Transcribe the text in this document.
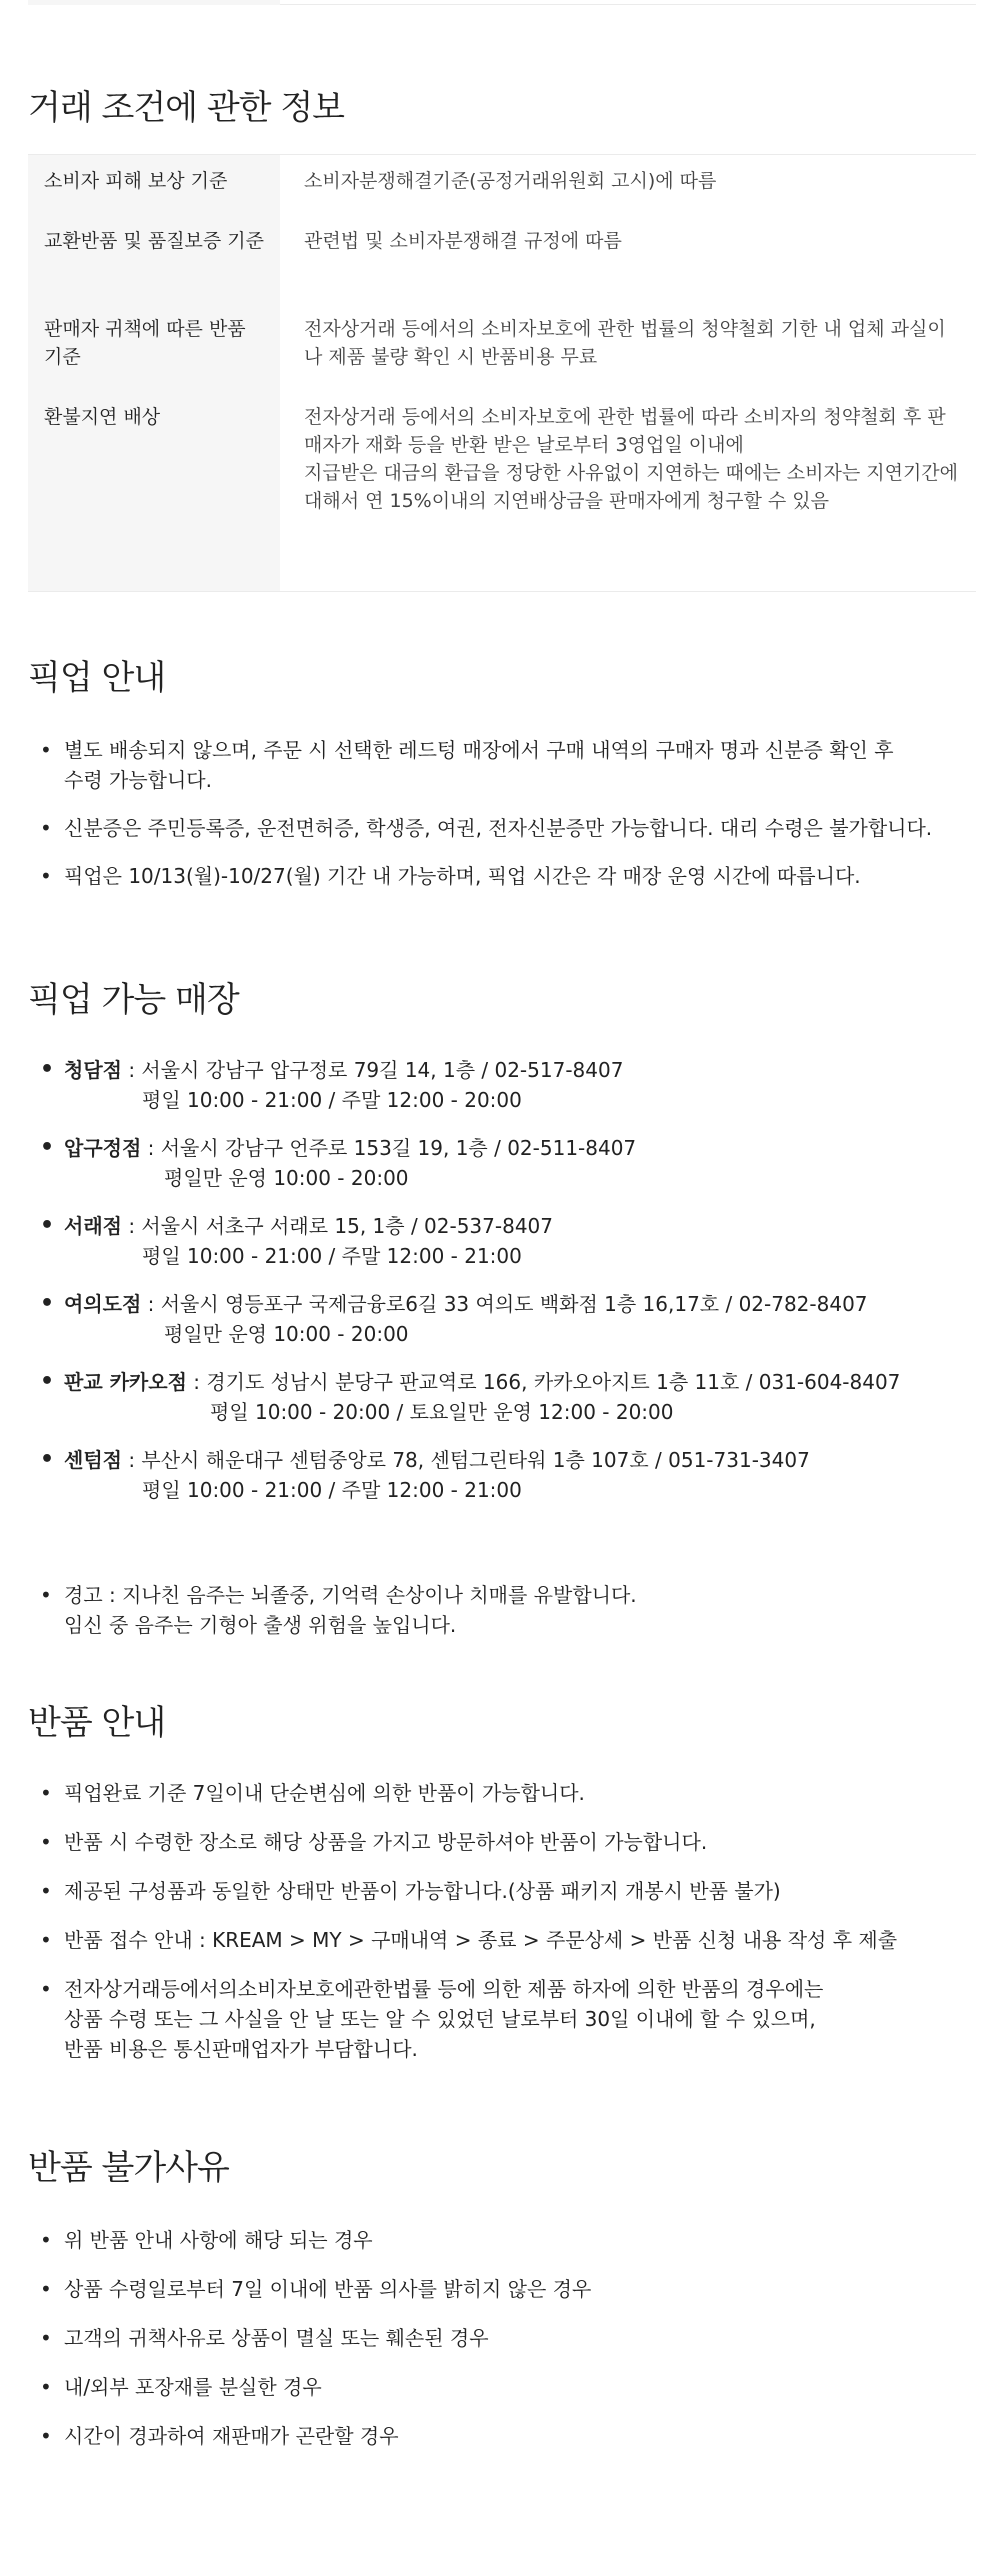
거래 조건에 관한 정보
소비자 피해 보상 기준	소비자분쟁해결기준(공정거래위원회 고시)에 따름
교환반품 및 품질보증 기준 관련법 및 소비자분쟁해결 규정에 따름
판매자 귀책에 따른 반품 기준
전자상거래 등에서의 소비자보호에 관한 법률의 청약철회 기한 내 업체 과실이나 제품 불량 확인 시 반품비용 무료
환불지연 배상	전자상거래 등에서의 소비자보호에 관한 법률에 따라 소비자의 청약철회 후 판매자가 재화 등을 반환 받은 날로부터 3영업일 이내에
지급받은 대금의 환급을 정당한 사유없이 지연하는 때에는 소비자는 지연기간에 대해서 연 15%이내의 지연배상금을 판매자에게 청구할 수 있음
픽업 안내
• 별도 배송되지 않으며, 주문 시 선택한 레드텅 매장에서 구매 내역의 구매자 명과 신분증 확인 후
수령 가능합니다.
• 신분증은 주민등록증, 운전면허증, 학생증, 여권, 전자신분증만 가능합니다. 대리 수령은 불가합니다.
• 픽업은 10/13(월)-10/27(월) 기간 내 가능하며, 픽업 시간은 각 매장 운영 시간에 따릅니다.
픽업 가능 매장
• 청담점 : 서울시 강남구 압구정로 79길 14, 1층 / 02-517-8407
평일 10:00 - 21:00 / 주말 12:00 - 20:00
• 압구정점 : 서울시 강남구 언주로 153길 19, 1층 / 02-511-8407
평일만 운영 10:00 - 20:00
• 서래점 : 서울시 서초구 서래로 15, 1층 / 02-537-8407
평일 10:00 - 21:00 / 주말 12:00 - 21:00
• 여의도점 : 서울시 영등포구 국제금융로6길 33 여의도 백화점 1층 16,17호 / 02-782-8407
평일만 운영 10:00 - 20:00
• 판교 카카오점 : 경기도 성남시 분당구 판교역로 166, 카카오아지트 1층 11호 / 031-604-8407
평일 10:00 - 20:00 / 토요일만 운영 12:00 - 20:00
• 센텀점 : 부산시 해운대구 센텀중앙로 78, 센텀그린타워 1층 107호 / 051-731-3407
평일 10:00 - 21:00 / 주말 12:00 - 21:00
• 경고 : 지나친 음주는 뇌졸중, 기억력 손상이나 치매를 유발합니다.
임신 중 음주는 기형아 출생 위험을 높입니다.
반품 안내
• 픽업완료 기준 7일이내 단순변심에 의한 반품이 가능합니다.
• 반품 시 수령한 장소로 해당 상품을 가지고 방문하셔야 반품이 가능합니다.
• 제공된 구성품과 동일한 상태만 반품이 가능합니다.(상품 패키지 개봉시 반품 불가)
• 반품 접수 안내 : KREAM > MY > 구매내역 > 종료 > 주문상세 > 반품 신청 내용 작성 후 제출
• 전자상거래등에서의소비자보호에관한법률 등에 의한 제품 하자에 의한 반품의 경우에는
상품 수령 또는 그 사실을 안 날 또는 알 수 있었던 날로부터 30일 이내에 할 수 있으며,
반품 비용은 통신판매업자가 부담합니다.
반품 불가사유
• 위 반품 안내 사항에 해당 되는 경우
• 상품 수령일로부터 7일 이내에 반품 의사를 밝히지 않은 경우
• 고객의 귀책사유로 상품이 멸실 또는 훼손된 경우
• 내/외부 포장재를 분실한 경우
• 시간이 경과하여 재판매가 곤란할 경우
